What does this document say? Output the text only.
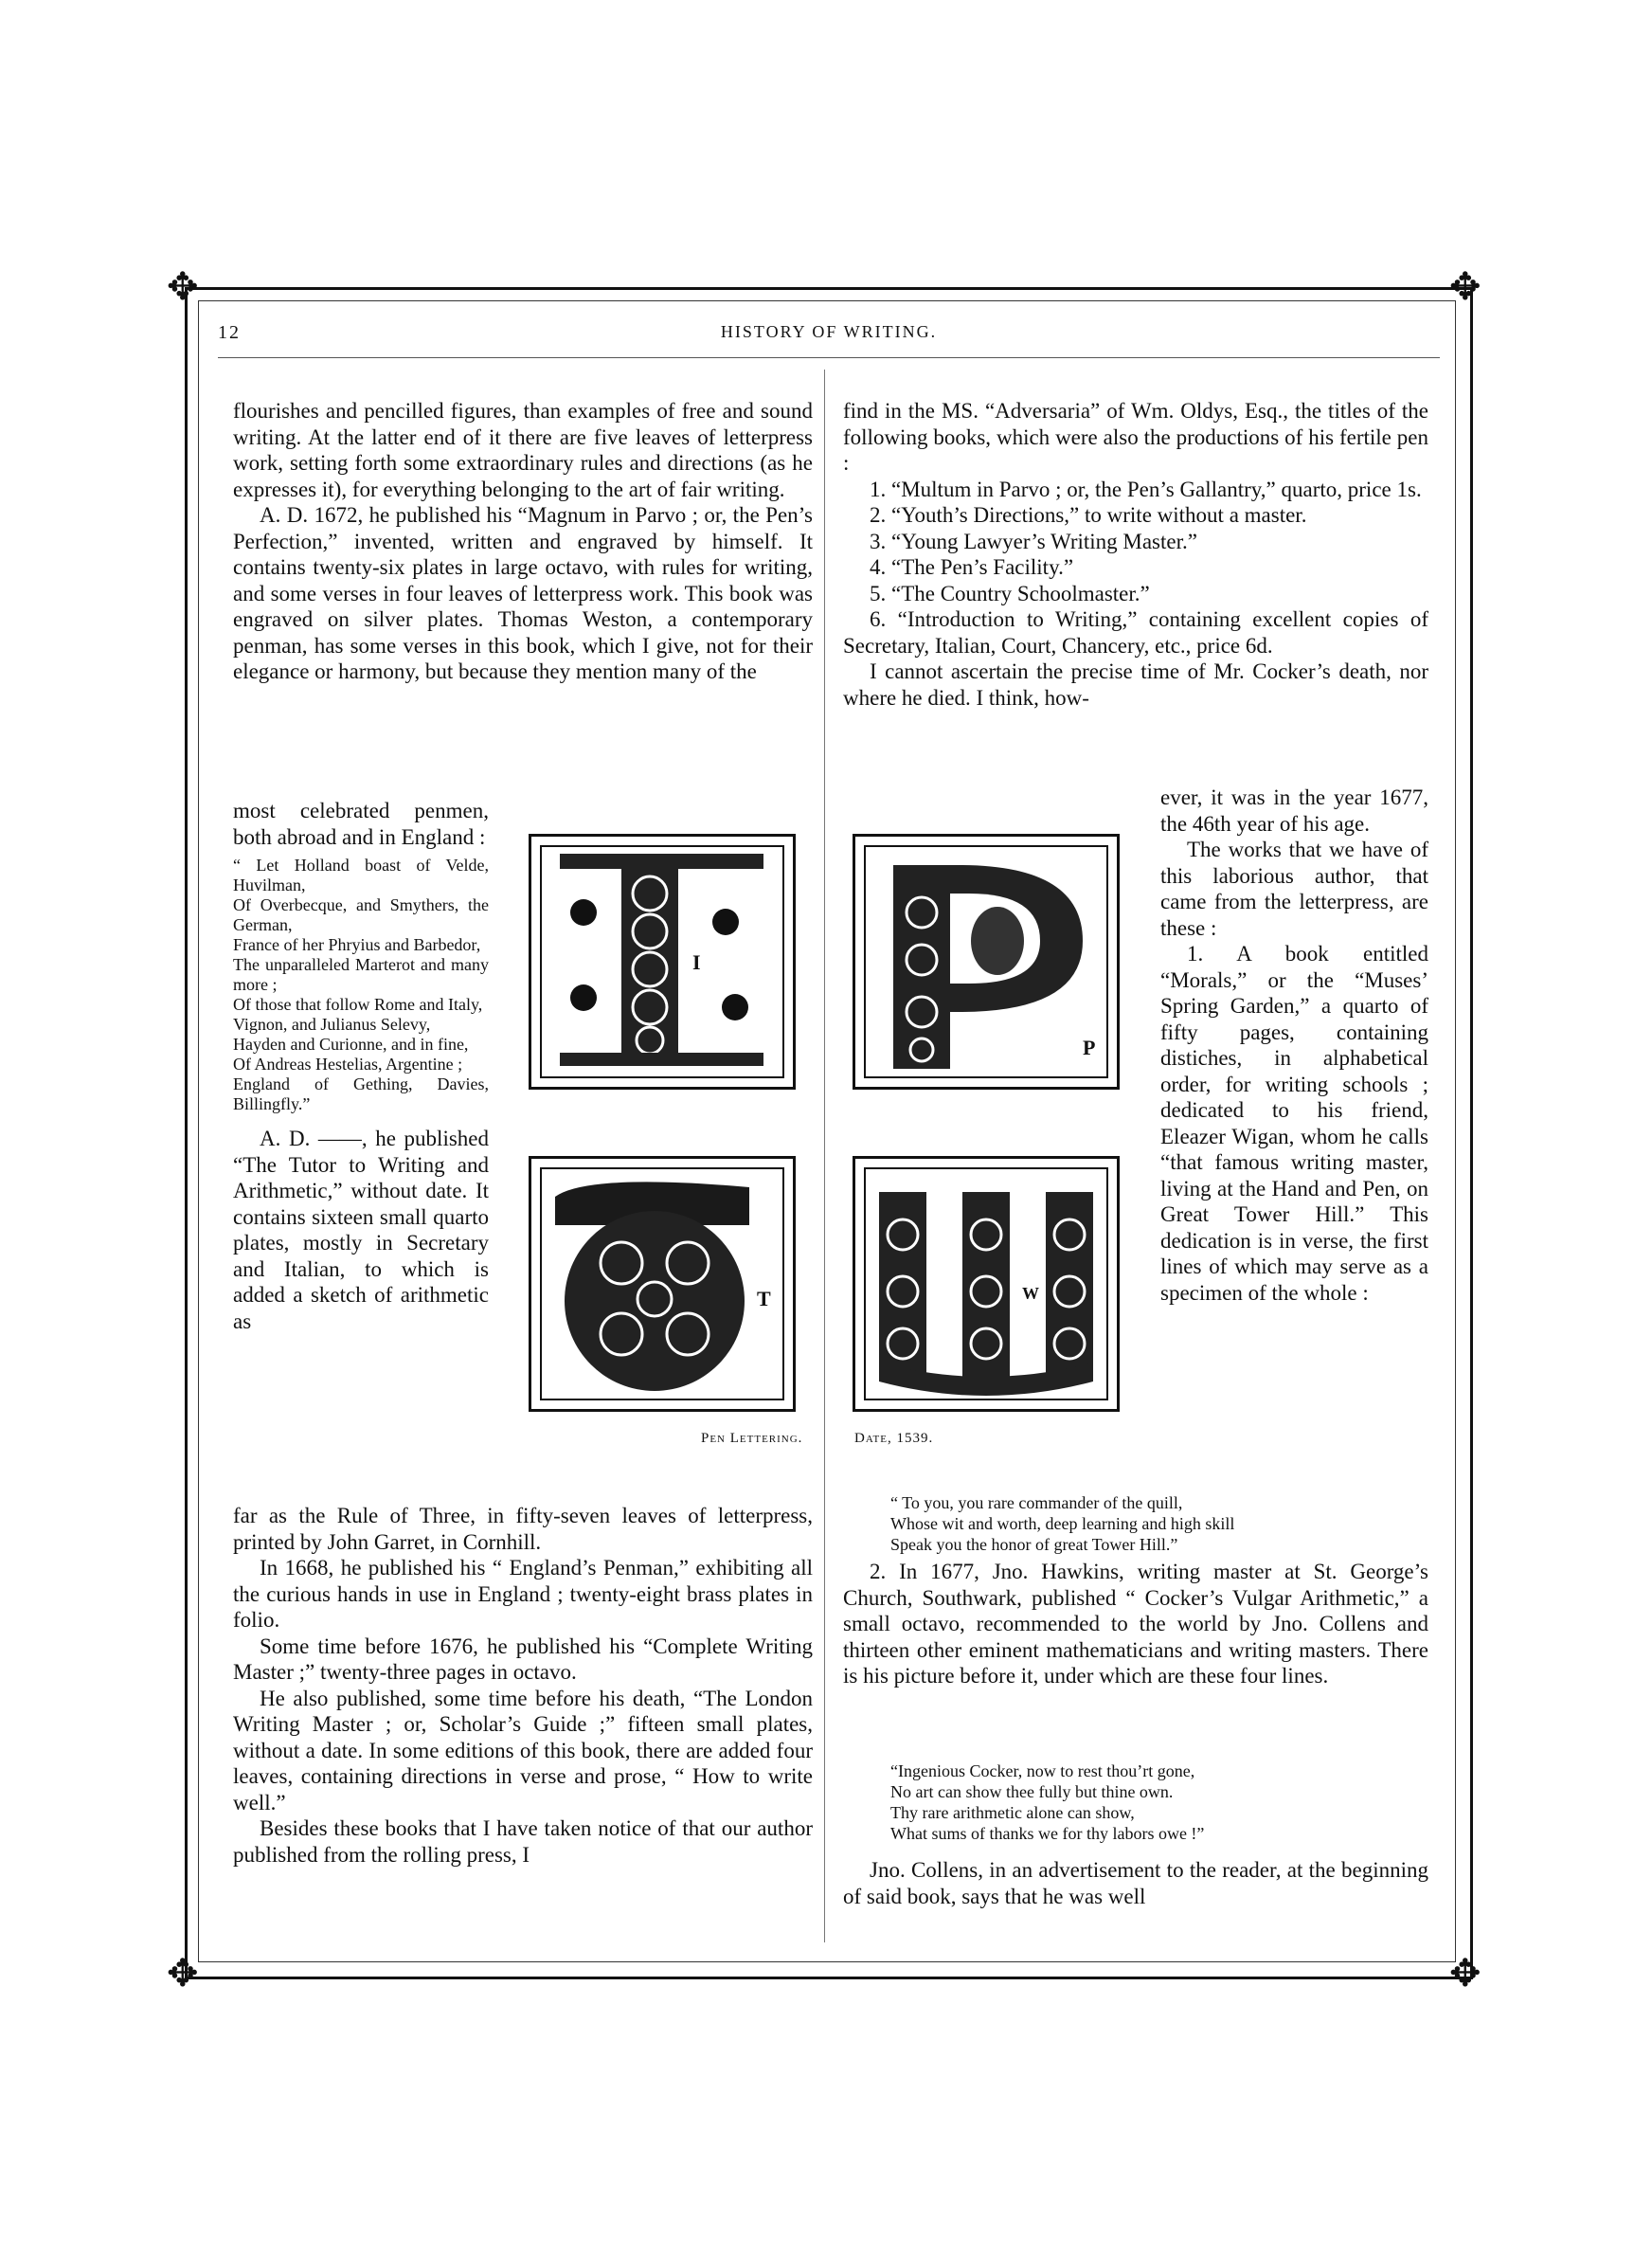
✥	✥
✥	✥
12	HISTORY OF WRITING.

flourishes and pencilled figures, than examples of free and sound writing. At the latter end of it there are five leaves of letterpress work, setting forth some extraordinary rules and directions (as he expresses it), for everything belonging to the art of fair writing.

A. D. 1672, he published his “Magnum in Parvo ; or, the Pen’s Perfection,” invented, written and engraved by himself. It contains twenty-six plates in large octavo, with rules for writing, and some verses in four leaves of letterpress work. This book was engraved on silver plates. Thomas Weston, a contemporary penman, has some verses in this book, which I give, not for their elegance or harmony, but because they mention many of the

most celebrated penmen, both abroad and in England :

“ Let Holland boast of Velde, Huvilman,
Of Overbecque, and Smythers, the German,
France of her Phryius and Barbedor,
The unparalleled Marterot and many more ;
Of those that follow Rome and Italy,
Vignon, and Julianus Selevy,
Hayden and Curionne, and in fine,
Of Andreas Hestelias, Argentine ;
England of Gething, Davies, Billingfly.”

A. D. ——, he published “The Tutor to Writing and Arithmetic,” without date. It contains sixteen small quarto plates, mostly in Secretary and Italian, to which is added a sketch of arithmetic as

far as the Rule of Three, in fifty-seven leaves of letterpress, printed by John Garret, in Cornhill.

In 1668, he published his “ England’s Penman,” exhibiting all the curious hands in use in England ; twenty-eight brass plates in folio.

Some time before 1676, he published his “Complete Writing Master ;” twenty-three pages in octavo.

He also published, some time before his death, “The London Writing Master ; or, Scholar’s Guide ;” fifteen small plates, without a date. In some editions of this book, there are added four leaves, containing directions in verse and prose, “ How to write well.”

Besides these books that I have taken notice of that our author published from the rolling press, I

find in the MS. “Adversaria” of Wm. Oldys, Esq., the titles of the following books, which were also the productions of his fertile pen :

1. “Multum in Parvo ; or, the Pen’s Gallantry,” quarto, price 1s.

2. “Youth’s Directions,” to write without a master.

3. “Young Lawyer’s Writing Master.”

4. “The Pen’s Facility.”

5. “The Country Schoolmaster.”

6. “Introduction to Writing,” containing excellent copies of Secretary, Italian, Court, Chancery, etc., price 6d.

I cannot ascertain the precise time of Mr. Cocker’s death, nor where he died. I think, how-

ever, it was in the year 1677, the 46th year of his age.

The works that we have of this laborious author, that came from the letterpress, are these :

1. A book entitled “Morals,” or the “Muses’ Spring Garden,” a quarto of fifty pages, containing distiches, in alphabetical order, for writing schools ; dedicated to his friend, Eleazer Wigan, whom he calls “that famous writing master, living at the Hand and Pen, on Great Tower Hill.” This dedication is in verse, the first lines of which may serve as a specimen of the whole :

“ To you, you rare commander of the quill,
Whose wit and worth, deep learning and high skill
Speak you the honor of great Tower Hill.”

2. In 1677, Jno. Hawkins, writing master at St. George’s Church, Southwark, published “ Cocker’s Vulgar Arithmetic,” a small octavo, recommended to the world by Jno. Collens and thirteen other eminent mathematicians and writing masters. There is his picture before it, under which are these four lines.

“Ingenious Cocker, now to rest thou’rt gone,
No art can show thee fully but thine own.
Thy rare arithmetic alone can show,
What sums of thanks we for thy labors owe !”

Jno. Collens, in an advertisement to the reader, at the beginning of said book, says that he was well

I
P
T	W
Pen Lettering.	Date, 1539.
